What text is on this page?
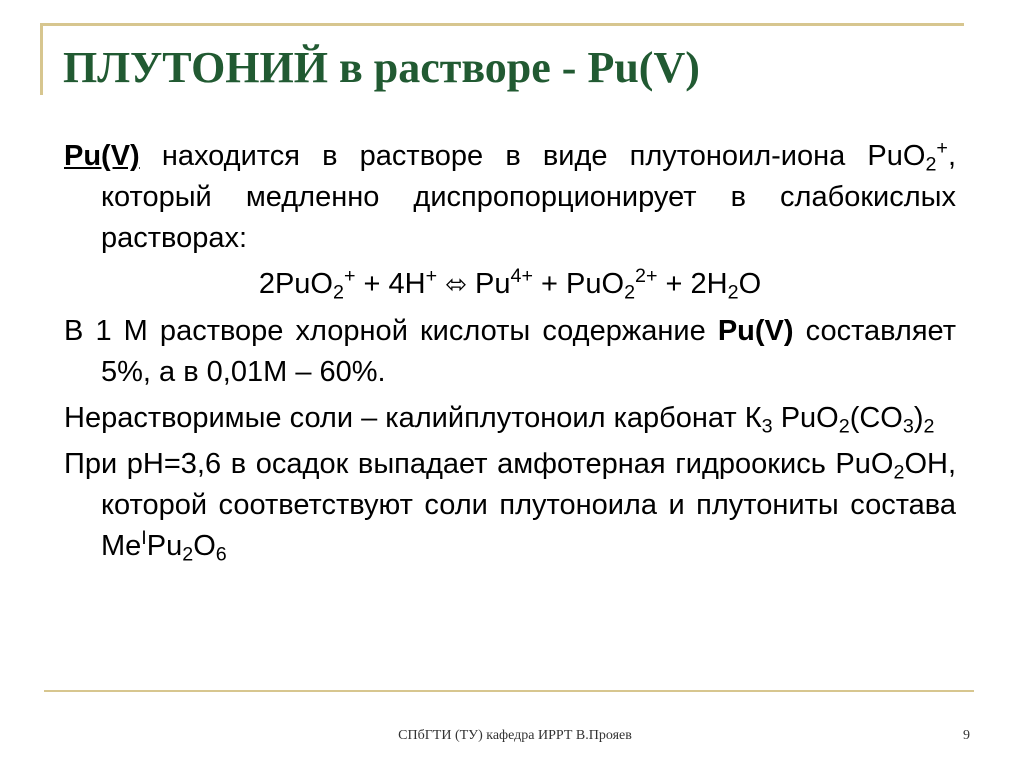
ПЛУТОНИЙ в растворе - Pu(V)

Pu(V) находится в растворе в виде плутоноил-иона PuO$_2$+, который медленно диспропорционирует в слабокислых растворах:

2PuO$_2$+ + 4H+ ⬄ $Pu^{4+} + PuO_2^{2+} + 2H_2O$

В 1 М растворе хлорной кислоты содержание Pu(V) составляет 5%, а в 0,01М – 60%.

Нерастворимые соли – калийплутоноил карбонат $К_3$ $PuO_2(CO_3)_2$

При pH=3,6 в осадок выпадает амфотерная гидроокись PuO$_2$OH, которой соответствуют соли плутоноила и плутониты состава $Me^IPu_2O_6$

СПбГТИ (ТУ) кафедра ИРРТ В.Прояев	9
